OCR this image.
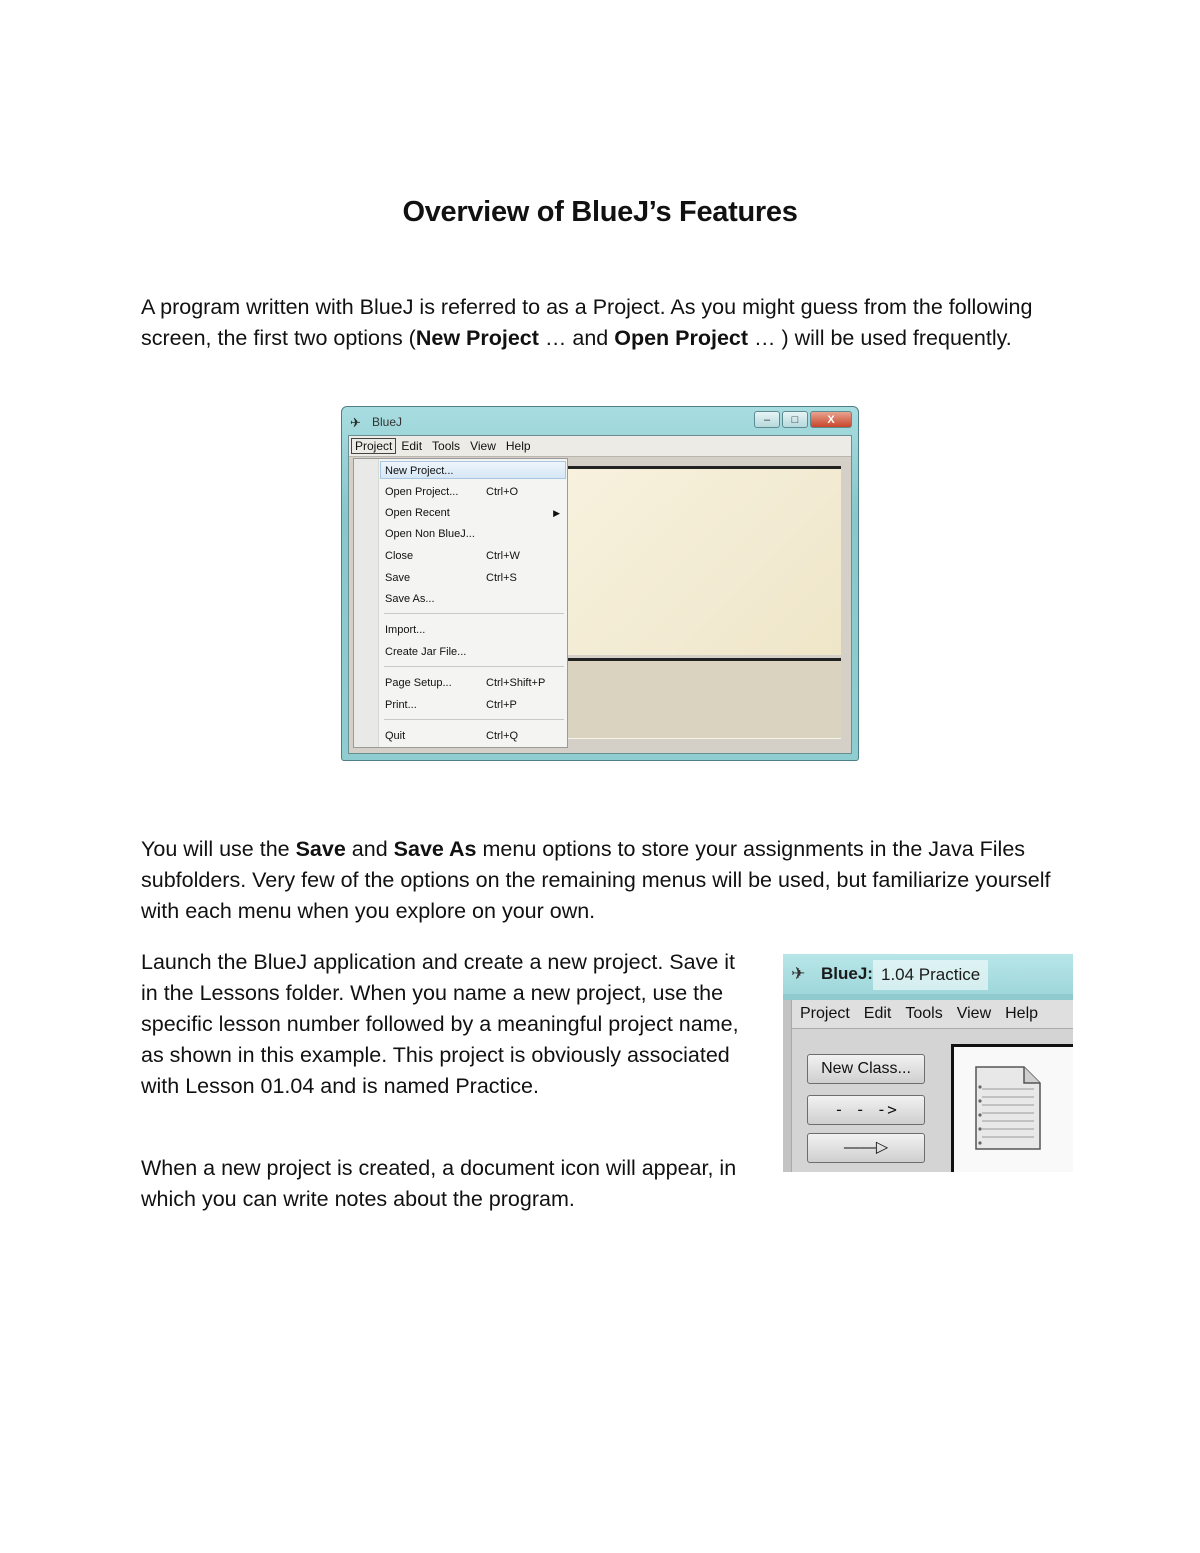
Overview of BlueJ’s Features

A program written with BlueJ is referred to as a Project. As you might guess from the following screen, the first two options (New Project … and Open Project … ) will be used frequently.

✈ BlueJ	–	□	X
Project Edit Tools View Help
New Project...
Open Project...	Ctrl+O
Open Recent	▶
Open Non BlueJ...
Close	Ctrl+W
Save	Ctrl+S
Save As...
Import...
Create Jar File...
Page Setup...	Ctrl+Shift+P
Print...	Ctrl+P
Quit	Ctrl+Q

You will use the Save and Save As menu options to store your assignments in the Java Files subfolders. Very few of the options on the remaining menus will be used, but familiarize yourself with each menu when you explore on your own.

Launch the BlueJ application and create a new project. Save it in the Lessons folder. When you name a new project, use the specific lesson number followed by a meaningful project name, as shown in this example. This project is obviously associated with Lesson 01.04 and is named Practice.

When a new project is created, a document icon will appear, in which you can write notes about the program.

✈ BlueJ: 1.04 Practice
Project Edit Tools View Help
New Class...
- - ->
——▷
